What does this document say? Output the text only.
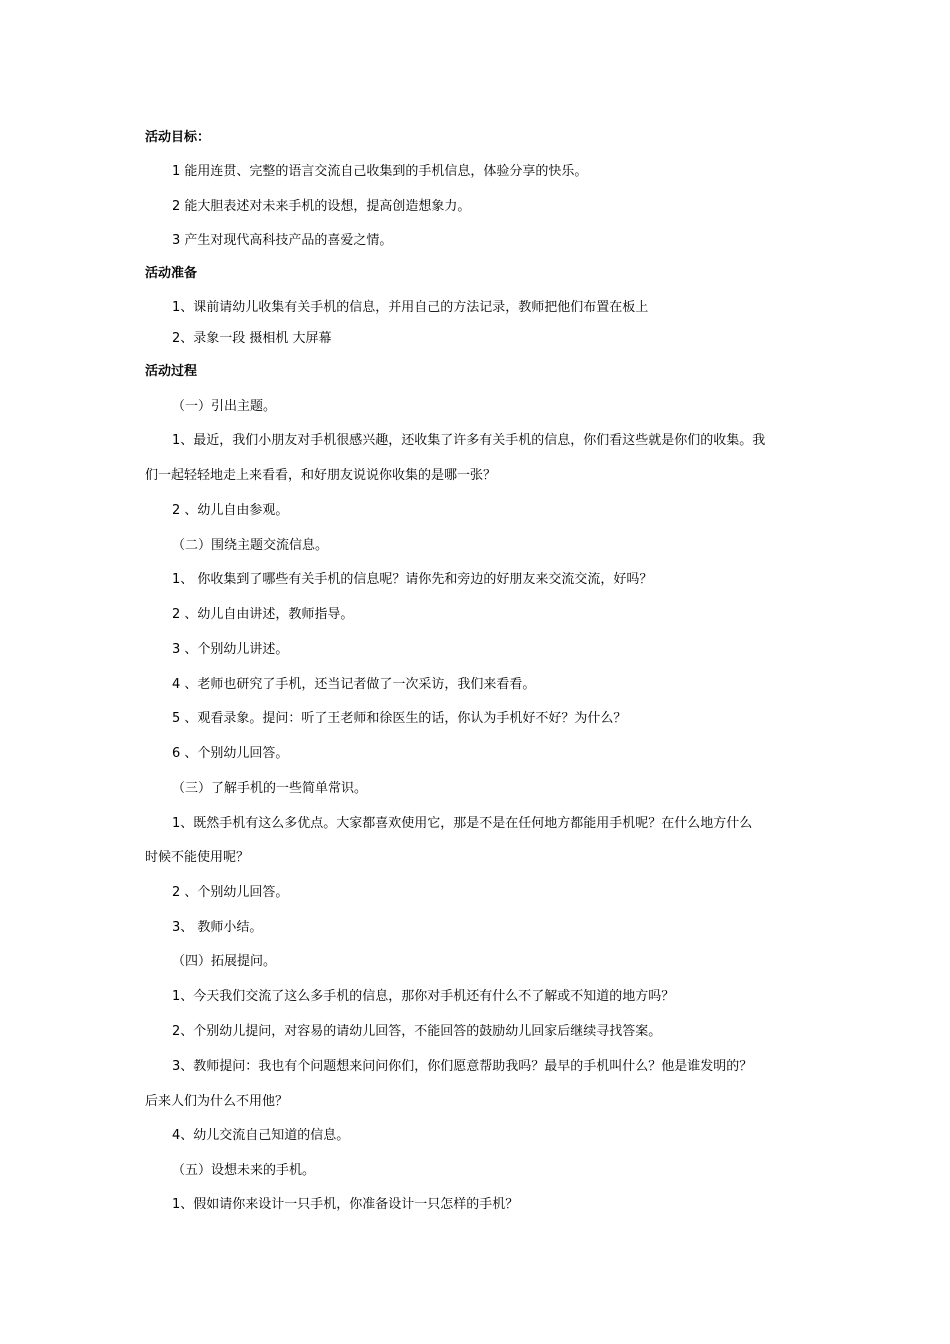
活动目标：
1 能用连贯、完整的语言交流自己收集到的手机信息，体验分享的快乐。
2 能大胆表述对未来手机的设想，提高创造想象力。
3 产生对现代高科技产品的喜爱之情。
活动准备
1、课前请幼儿收集有关手机的信息，并用自己的方法记录，教师把他们布置在板上
2、录象一段 摄相机 大屏幕
活动过程
（一）引出主题。
1、最近，我们小朋友对手机很感兴趣，还收集了许多有关手机的信息，你们看这些就是你们的收集。我
们一起轻轻地走上来看看，和好朋友说说你收集的是哪一张？
2 、幼儿自由参观。
（二）围绕主题交流信息。
1、 你收集到了哪些有关手机的信息呢？请你先和旁边的好朋友来交流交流，好吗？
2 、幼儿自由讲述，教师指导。
3 、个别幼儿讲述。
4 、老师也研究了手机，还当记者做了一次采访，我们来看看。
5 、观看录象。提问：听了王老师和徐医生的话，你认为手机好不好？为什么？
6 、个别幼儿回答。
（三）了解手机的一些简单常识。
1、既然手机有这么多优点。大家都喜欢使用它，那是不是在任何地方都能用手机呢？在什么地方什么
时候不能使用呢？
2 、个别幼儿回答。
3、 教师小结。
（四）拓展提问。
1、今天我们交流了这么多手机的信息，那你对手机还有什么不了解或不知道的地方吗？
2、个别幼儿提问，对容易的请幼儿回答，不能回答的鼓励幼儿回家后继续寻找答案。
3、教师提问：我也有个问题想来问问你们，你们愿意帮助我吗？最早的手机叫什么？他是谁发明的？
后来人们为什么不用他？
4、幼儿交流自己知道的信息。
（五）设想未来的手机。
1、假如请你来设计一只手机，你准备设计一只怎样的手机？
